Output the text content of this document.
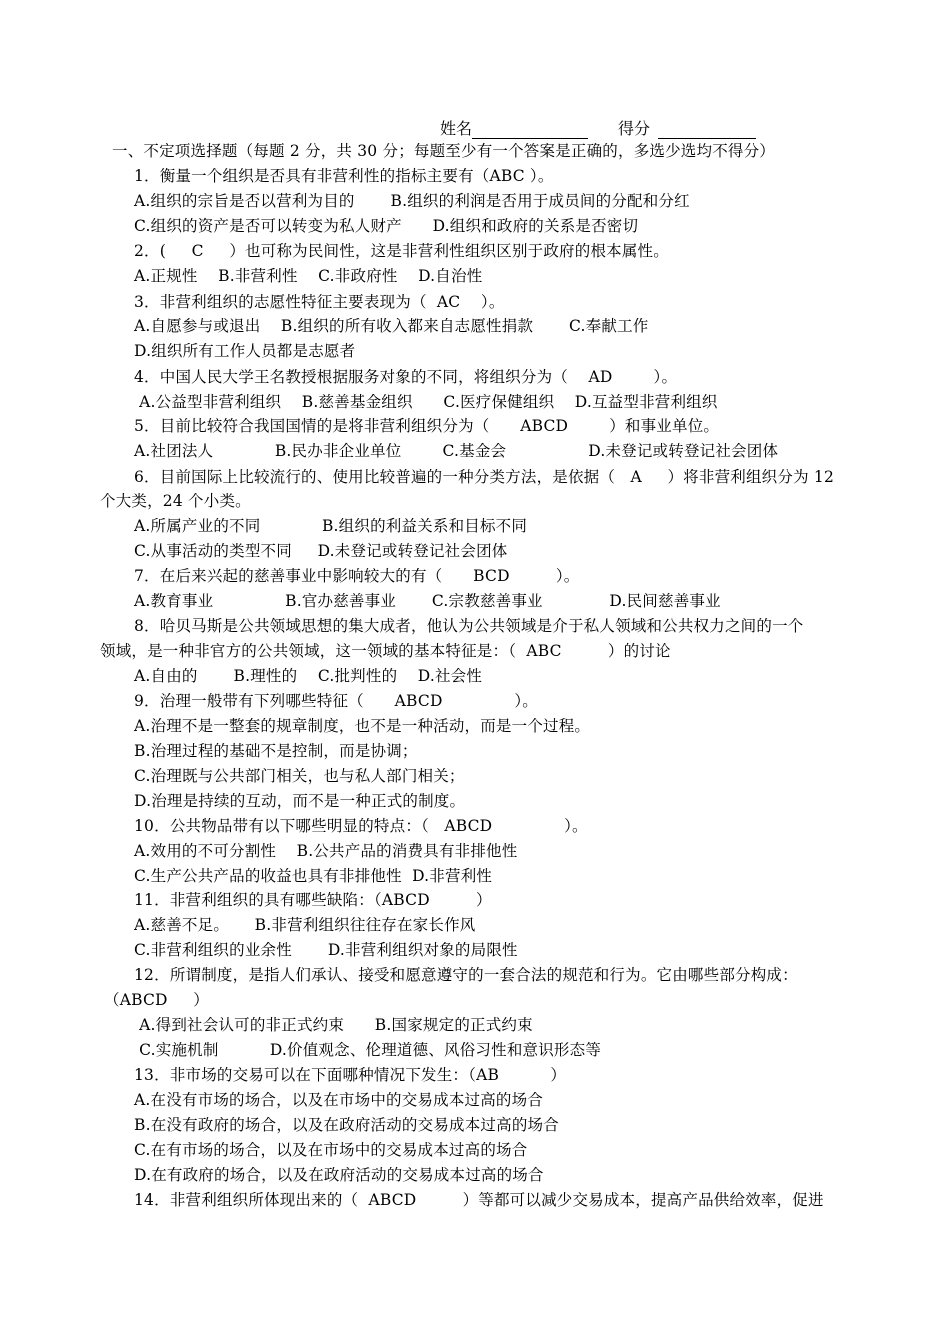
姓名	得分
一、不定项选择题（每题 2 分，共 30 分；每题至少有一个答案是正确的，多选少选均不得分）
1．衡量一个组织是否具有非营利性的指标主要有（ABC ）。
A.组织的宗旨是否以营利为目的       B.组织的利润是否用于成员间的分配和分红
C.组织的资产是否可以转变为私人财产      D.组织和政府的关系是否密切
2．(     C     ）也可称为民间性，这是非营利性组织区别于政府的根本属性。
A.正规性    B.非营利性    C.非政府性    D.自治性
3．非营利组织的志愿性特征主要表现为（  AC    ）。
A.自愿参与或退出    B.组织的所有收入都来自志愿性捐款       C.奉献工作
D.组织所有工作人员都是志愿者
4．中国人民大学王名教授根据服务对象的不同，将组织分为（    AD        ）。
A.公益型非营利组织    B.慈善基金组织      C.医疗保健组织    D.互益型非营利组织
5．目前比较符合我国国情的是将非营利组织分为（      ABCD        ）和事业单位。
A.社团法人            B.民办非企业单位        C.基金会                D.未登记或转登记社会团体
6．目前国际上比较流行的、使用比较普遍的一种分类方法，是依据（   A     ）将非营利组织分为 12
个大类，24 个小类。
A.所属产业的不同            B.组织的利益关系和目标不同
C.从事活动的类型不同     D.未登记或转登记社会团体
7．在后来兴起的慈善事业中影响较大的有（      BCD         ）。
A.教育事业              B.官办慈善事业       C.宗教慈善事业             D.民间慈善事业
8．哈贝马斯是公共领域思想的集大成者，他认为公共领域是介于私人领域和公共权力之间的一个
领域，是一种非官方的公共领域，这一领域的基本特征是：（  ABC         ）的讨论
A.自由的       B.理性的    C.批判性的    D.社会性
9．治理一般带有下列哪些特征（      ABCD              ）。
A.治理不是一整套的规章制度，也不是一种活动，而是一个过程。
B.治理过程的基础不是控制，而是协调；
C.治理既与公共部门相关，也与私人部门相关；
D.治理是持续的互动，而不是一种正式的制度。
10．公共物品带有以下哪些明显的特点：（   ABCD              ）。
A.效用的不可分割性    B.公共产品的消费具有非排他性
C.生产公共产品的收益也具有非排他性  D.非营利性
11．非营利组织的具有哪些缺陷：（ABCD         ）
A.慈善不足。     B.非营利组织往往存在家长作风
C.非营利组织的业余性       D.非营利组织对象的局限性
12．所谓制度，是指人们承认、接受和愿意遵守的一套合法的规范和行为。它由哪些部分构成：
（ABCD     ）
A.得到社会认可的非正式约束      B.国家规定的正式约束
C.实施机制          D.价值观念、伦理道德、风俗习性和意识形态等
13．非市场的交易可以在下面哪种情况下发生：（AB          ）
A.在没有市场的场合，以及在市场中的交易成本过高的场合
B.在没有政府的场合，以及在政府活动的交易成本过高的场合
C.在有市场的场合，以及在市场中的交易成本过高的场合
D.在有政府的场合，以及在政府活动的交易成本过高的场合
14．非营利组织所体现出来的（  ABCD         ）等都可以减少交易成本，提高产品供给效率，促进
